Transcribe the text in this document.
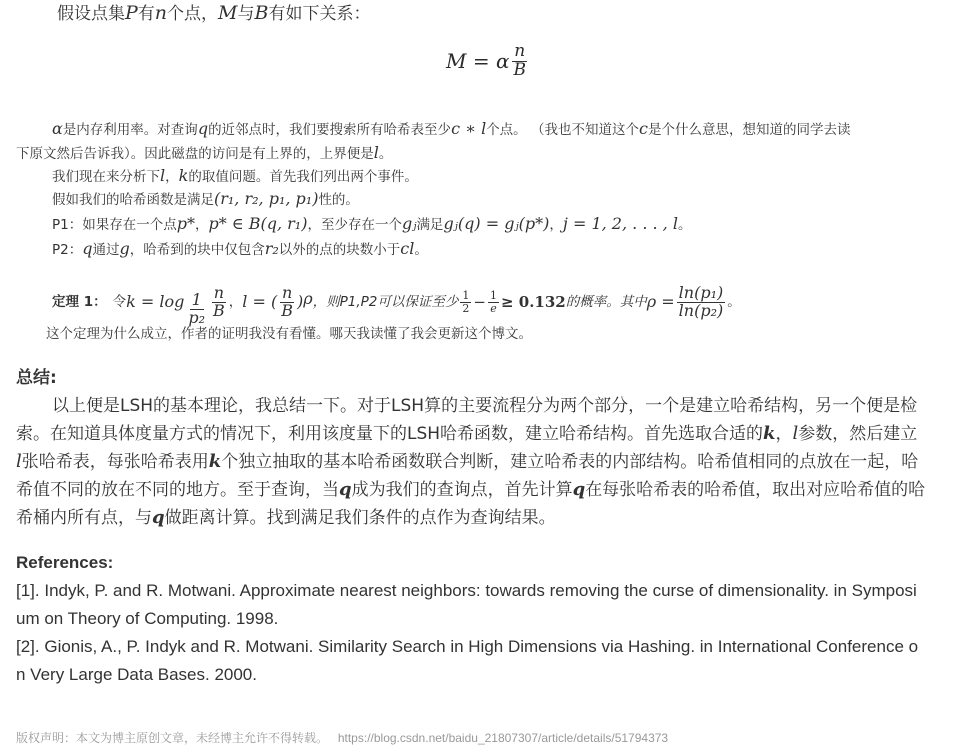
假设点集P有n个点，M与B有如下关系：
M = α $\frac{n}{B}$
α是内存利用率。对查询q的近邻点时，我们要搜索所有哈希表至少c ∗ l个点。 （我也不知道这个c是个什么意思，想知道的同学去读
下原文然后告诉我）。因此磁盘的访问是有上界的，上界便是l。
我们现在来分析下l，k的取值问题。首先我们列出两个事件。
假如我们的哈希函数是满足(r₁, r₂, p₁, p₁)性的。
P1：如果存在一个点p*，p* ∈ B(q, r₁)，至少存在一个gⱼ满足gⱼ(q) = gⱼ(p*)，j = 1, 2, . . . , l。
P2：q通过g，哈希到的块中仅包含r₂以外的点的块数小于cl。
定理 1： 令 $k = \log \frac{1}{\text{p₂}} \frac{n}{B}$ ， l = ( $\frac{n}{B}$ ) ρ ，则P1,P2可以保证至少 $\frac{1}{2} - \frac{1}{e} \ge 0.132$ 的概率。其中 $\rho = \frac{\text{ln(p₁)}}{\text{ln(p₂)}}$ 。
这个定理为什么成立，作者的证明我没有看懂。哪天我读懂了我会更新这个博文。
总结:
以上便是LSH的基本理论，我总结一下。对于LSH算的主要流程分为两个部分，一个是建立哈希结构，另一个便是检
索。在知道具体度量方式的情况下，利用该度量下的LSH哈希函数，建立哈希结构。首先选取合适的k，l参数，然后建立
l张哈希表，每张哈希表用k个独立抽取的基本哈希函数联合判断，建立哈希表的内部结构。哈希值相同的点放在一起，哈
希值不同的放在不同的地方。至于查询，当q成为我们的查询点，首先计算q在每张哈希表的哈希值，取出对应哈希值的哈
希桶内所有点，与q做距离计算。找到满足我们条件的点作为查询结果。
References:
[1]. Indyk, P. and R. Motwani. Approximate nearest neighbors: towards removing the curse of dimensionality. in Symposi
um on Theory of Computing. 1998.
[2]. Gionis, A., P. Indyk and R. Motwani. Similarity Search in High Dimensions via Hashing. in International Conference o
n Very Large Data Bases. 2000.
版权声明：本文为博主原创文章，未经博主允许不得转载。 https://blog.csdn.net/baidu_21807307/article/details/51794373
